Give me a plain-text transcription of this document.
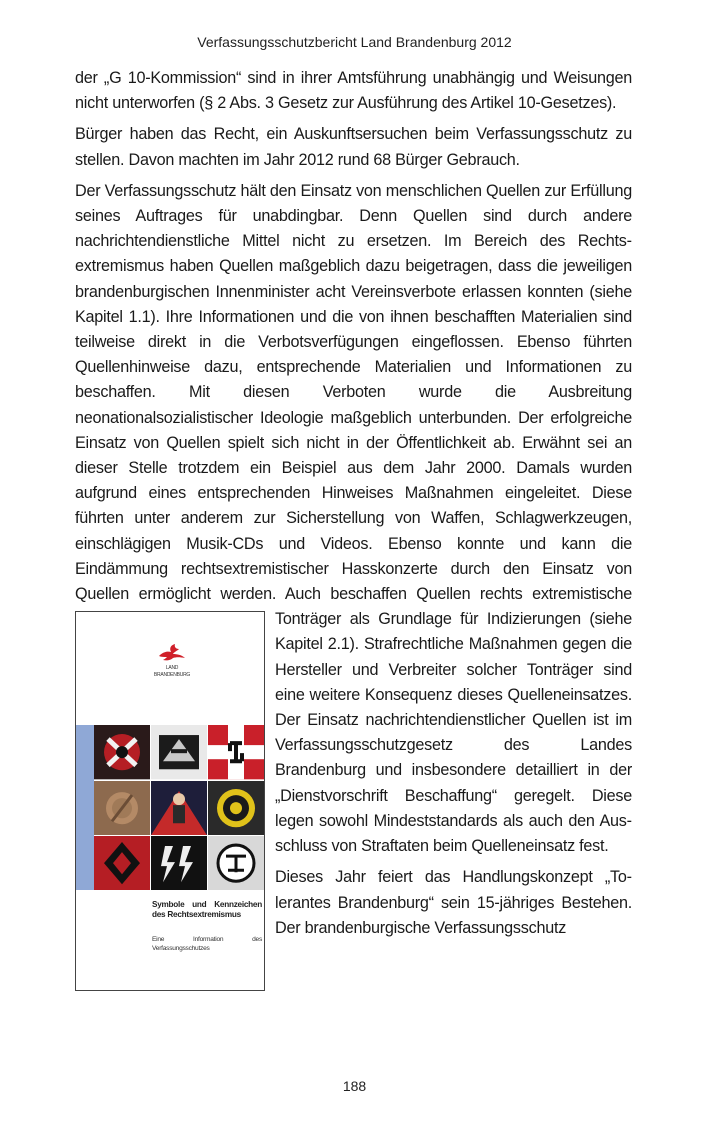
Verfassungsschutzbericht Land Brandenburg 2012

der „G 10-Kommission“ sind in ihrer Amtsführung unabhängig und Weisungen nicht unterworfen (§ 2 Abs. 3 Gesetz zur Ausführung des Artikel 10-Gesetzes).

Bürger haben das Recht, ein Auskunftsersuchen beim Verfassungsschutz zu stellen. Davon machten im Jahr 2012 rund 68 Bürger Gebrauch.

Der Verfassungsschutz hält den Einsatz von menschlichen Quellen zur Erfüllung seines Auftrages für unabdingbar. Denn Quellen sind durch andere nachrichtendienstliche Mittel nicht zu ersetzen. Im Bereich des Rechtsextremismus haben Quellen maßgeblich dazu beigetragen, dass die jeweiligen brandenburgischen Innenminister acht Vereinsverbote erlassen konnten (siehe Kapitel 1.1). Ihre Informationen und die von ihnen beschafften Materialien sind teilweise direkt in die Verbotsverfügungen eingeflossen. Ebenso führten Quellenhinweise dazu, entsprechende Materialien und Informationen zu beschaffen. Mit diesen Verboten wurde die Ausbreitung neonationalsozialistischer Ideologie maßgeblich unterbunden. Der erfolgreiche Einsatz von Quellen spielt sich nicht in der Öffentlichkeit ab. Erwähnt sei an dieser Stelle trotzdem ein Beispiel aus dem Jahr 2000. Damals wurden aufgrund eines entsprechenden Hinweises Maßnahmen eingeleitet. Diese führten unter anderem zur Sicherstellung von Waffen, Schlagwerkzeugen, einschlägigen Musik-CDs und Videos. Ebenso konnte und kann die Eindämmung rechtsextremistischer Hasskonzerte durch den Einsatz von Quellen ermöglicht werden. Auch beschaffen Quellen rechts
LAND
BRANDENBURG
Symbole und Kennzeichen des Rechtsextremismus
Eine Information des Verfassungsschutzes
extremistische Tonträger als Grundlage für Indizierungen (siehe Kapitel 2.1). Strafrechtliche Maßnahmen gegen die Hersteller und Verbreiter solcher Tonträger sind eine weitere Konsequenz dieses Quelleneinsatzes. Der Einsatz nachrichtendienstlicher Quellen ist im Verfassungsschutzgesetz des Landes Brandenburg und insbesondere detailliert in der „Dienstvorschrift Beschaffung“ geregelt. Diese legen sowohl Mindeststandards als auch den Ausschluss von Straftaten beim Quelleneinsatz fest.

Dieses Jahr feiert das Handlungskonzept „Tolerantes Brandenburg“ sein 15-jähriges Bestehen. Der brandenburgische Verfassungsschutz

188
